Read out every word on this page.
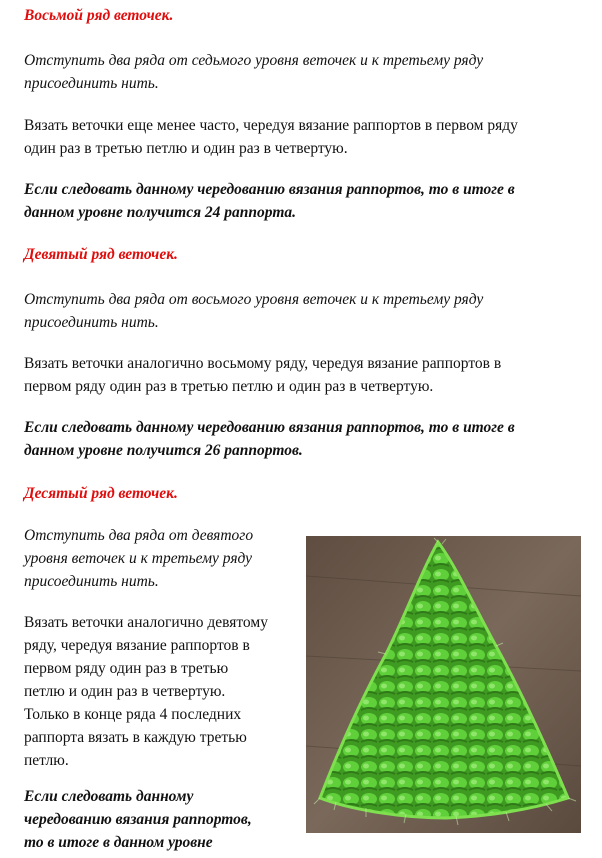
Восьмой ряд веточек.

Отступить два ряда от седьмого уровня веточек и к третьему ряду
присоединить нить.

Вязать веточки еще менее часто, чередуя вязание раппортов в первом ряду
один раз в третью петлю и один раз в четвертую.

Если следовать данному чередованию вязания раппортов, то в итоге в
данном уровне получится 24 раппорта.

Девятый ряд веточек.

Отступить два ряда от восьмого уровня веточек и к третьему ряду
присоединить нить.

Вязать веточки аналогично восьмому ряду, чередуя вязание раппортов в
первом ряду один раз в третью петлю и один раз в четвертую.

Если следовать данному чередованию вязания раппортов, то в итоге в
данном уровне получится 26 раппортов.

Десятый ряд веточек.

Отступить два ряда от девятого
уровня веточек и к третьему ряду
присоединить нить.

Вязать веточки аналогично девятому
ряду, чередуя вязание раппортов в
первом ряду один раз в третью
петлю и один раз в четвертую.
Только в конце ряда 4 последних
раппорта вязать в каждую третью
петлю.

Если следовать данному
чередованию вязания раппортов,
то в итоге в данном уровне
